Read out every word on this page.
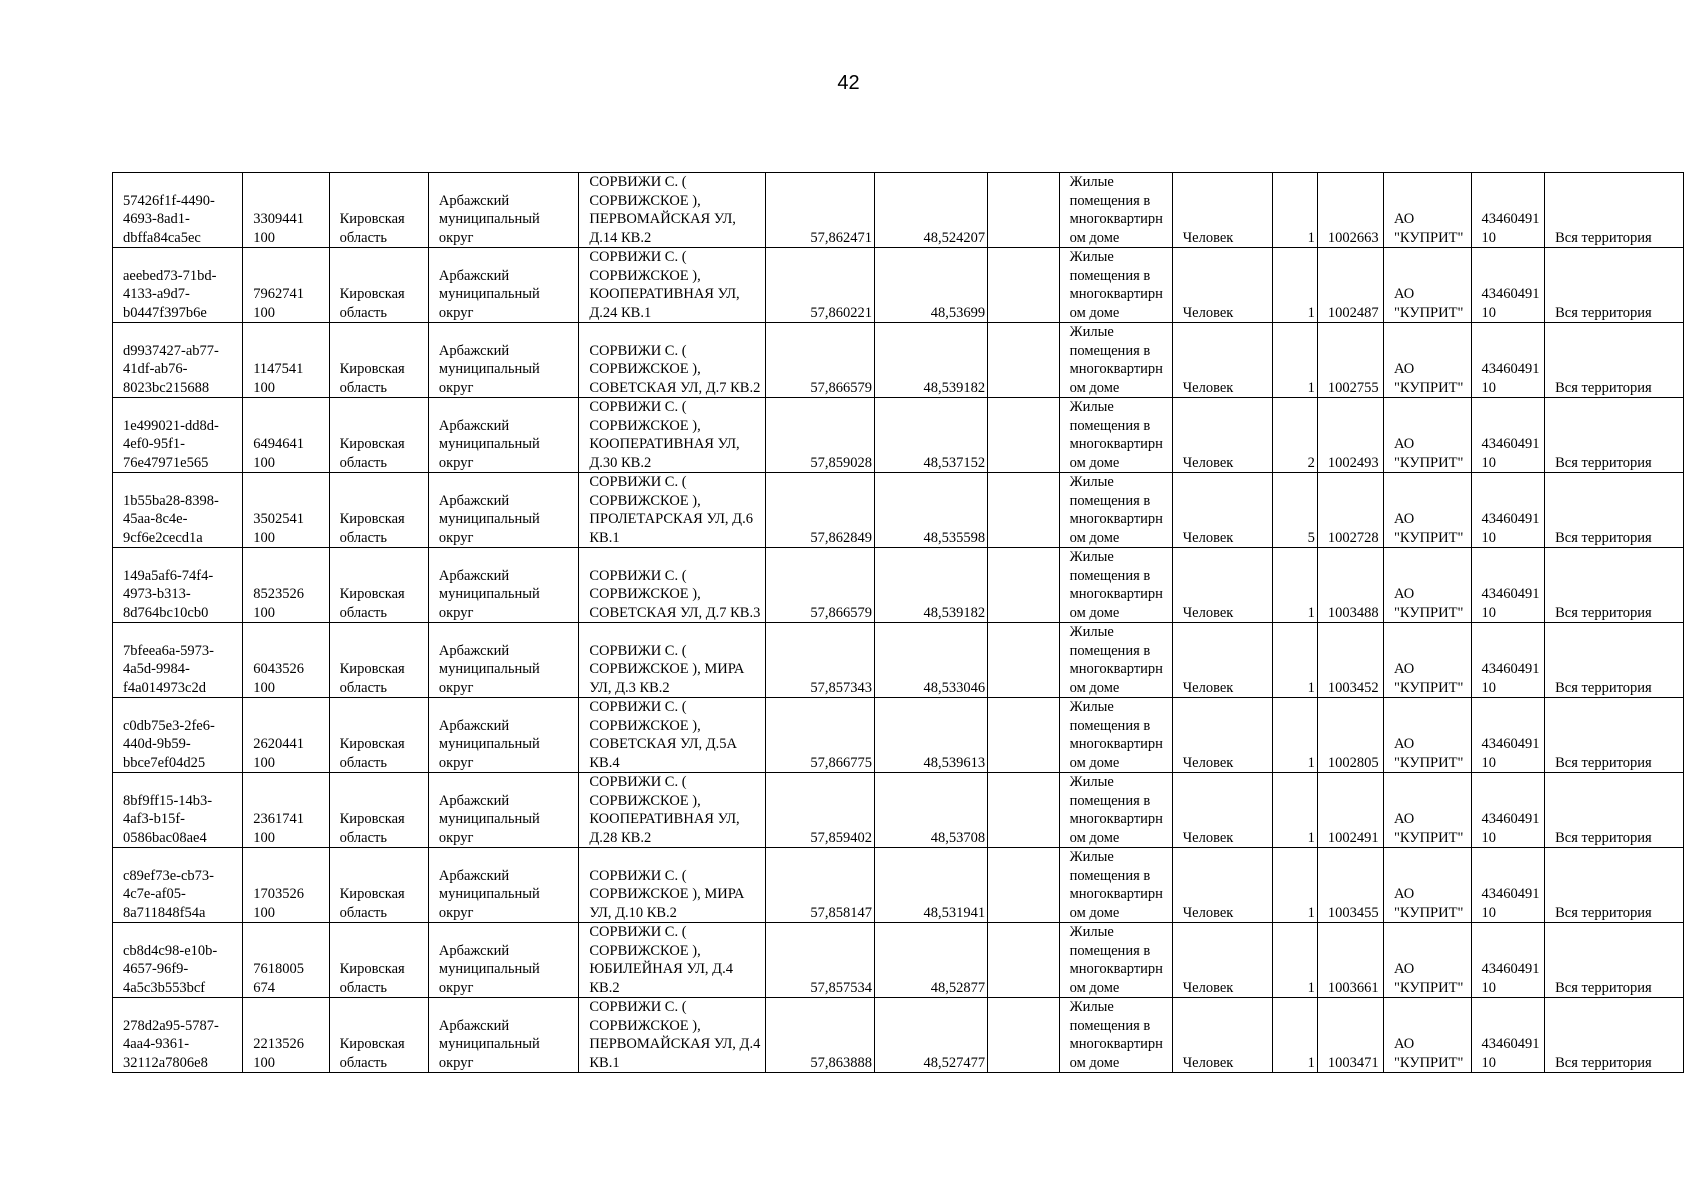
42
57426f1f-4490-4693-8ad1-dbffa84ca5ec	3309441 100	Кировская область	Арбажский муниципальный округ	СОРВИЖИ С. ( СОРВИЖСКОЕ ), ПЕРВОМАЙСКАЯ УЛ, Д.14 КВ.2	57,862471	48,524207		Жилые помещения в многоквартирном доме	Человек	1	1002663	АО "КУПРИТ"	4346049110	Вся территория
aeebed73-71bd-4133-a9d7-b0447f397b6e	7962741 100	Кировская область	Арбажский муниципальный округ	СОРВИЖИ С. ( СОРВИЖСКОЕ ), КООПЕРАТИВНАЯ УЛ, Д.24 КВ.1	57,860221	48,53699		Жилые помещения в многоквартирном доме	Человек	1	1002487	АО "КУПРИТ"	4346049110	Вся территория
d9937427-ab77-41df-ab76-8023bc215688	1147541 100	Кировская область	Арбажский муниципальный округ	СОРВИЖИ С. ( СОРВИЖСКОЕ ), СОВЕТСКАЯ УЛ, Д.7 КВ.2	57,866579	48,539182		Жилые помещения в многоквартирном доме	Человек	1	1002755	АО "КУПРИТ"	4346049110	Вся территория
1e499021-dd8d-4ef0-95f1-76e47971e565	6494641 100	Кировская область	Арбажский муниципальный округ	СОРВИЖИ С. ( СОРВИЖСКОЕ ), КООПЕРАТИВНАЯ УЛ, Д.30 КВ.2	57,859028	48,537152		Жилые помещения в многоквартирном доме	Человек	2	1002493	АО "КУПРИТ"	4346049110	Вся территория
1b55ba28-8398-45aa-8c4e-9cf6e2cecd1a	3502541 100	Кировская область	Арбажский муниципальный округ	СОРВИЖИ С. ( СОРВИЖСКОЕ ), ПРОЛЕТАРСКАЯ УЛ, Д.6 КВ.1	57,862849	48,535598		Жилые помещения в многоквартирном доме	Человек	5	1002728	АО "КУПРИТ"	4346049110	Вся территория
149a5af6-74f4-4973-b313-8d764bc10cb0	8523526 100	Кировская область	Арбажский муниципальный округ	СОРВИЖИ С. ( СОРВИЖСКОЕ ), СОВЕТСКАЯ УЛ, Д.7 КВ.3	57,866579	48,539182		Жилые помещения в многоквартирном доме	Человек	1	1003488	АО "КУПРИТ"	4346049110	Вся территория
7bfeea6a-5973-4a5d-9984-f4a014973c2d	6043526 100	Кировская область	Арбажский муниципальный округ	СОРВИЖИ С. ( СОРВИЖСКОЕ ), МИРА УЛ, Д.3 КВ.2	57,857343	48,533046		Жилые помещения в многоквартирном доме	Человек	1	1003452	АО "КУПРИТ"	4346049110	Вся территория
c0db75e3-2fe6-440d-9b59-bbce7ef04d25	2620441 100	Кировская область	Арбажский муниципальный округ	СОРВИЖИ С. ( СОРВИЖСКОЕ ), СОВЕТСКАЯ УЛ, Д.5А КВ.4	57,866775	48,539613		Жилые помещения в многоквартирном доме	Человек	1	1002805	АО "КУПРИТ"	4346049110	Вся территория
8bf9ff15-14b3-4af3-b15f-0586bac08ae4	2361741 100	Кировская область	Арбажский муниципальный округ	СОРВИЖИ С. ( СОРВИЖСКОЕ ), КООПЕРАТИВНАЯ УЛ, Д.28 КВ.2	57,859402	48,53708		Жилые помещения в многоквартирном доме	Человек	1	1002491	АО "КУПРИТ"	4346049110	Вся территория
c89ef73e-cb73-4c7e-af05-8a711848f54a	1703526 100	Кировская область	Арбажский муниципальный округ	СОРВИЖИ С. ( СОРВИЖСКОЕ ), МИРА УЛ, Д.10 КВ.2	57,858147	48,531941		Жилые помещения в многоквартирном доме	Человек	1	1003455	АО "КУПРИТ"	4346049110	Вся территория
cb8d4c98-e10b-4657-96f9-4a5c3b553bcf	7618005 674	Кировская область	Арбажский муниципальный округ	СОРВИЖИ С. ( СОРВИЖСКОЕ ), ЮБИЛЕЙНАЯ УЛ, Д.4 КВ.2	57,857534	48,52877		Жилые помещения в многоквартирном доме	Человек	1	1003661	АО "КУПРИТ"	4346049110	Вся территория
278d2a95-5787-4aa4-9361-32112a7806e8	2213526 100	Кировская область	Арбажский муниципальный округ	СОРВИЖИ С. ( СОРВИЖСКОЕ ), ПЕРВОМАЙСКАЯ УЛ, Д.4 КВ.1	57,863888	48,527477		Жилые помещения в многоквартирном доме	Человек	1	1003471	АО "КУПРИТ"	4346049110	Вся территория
